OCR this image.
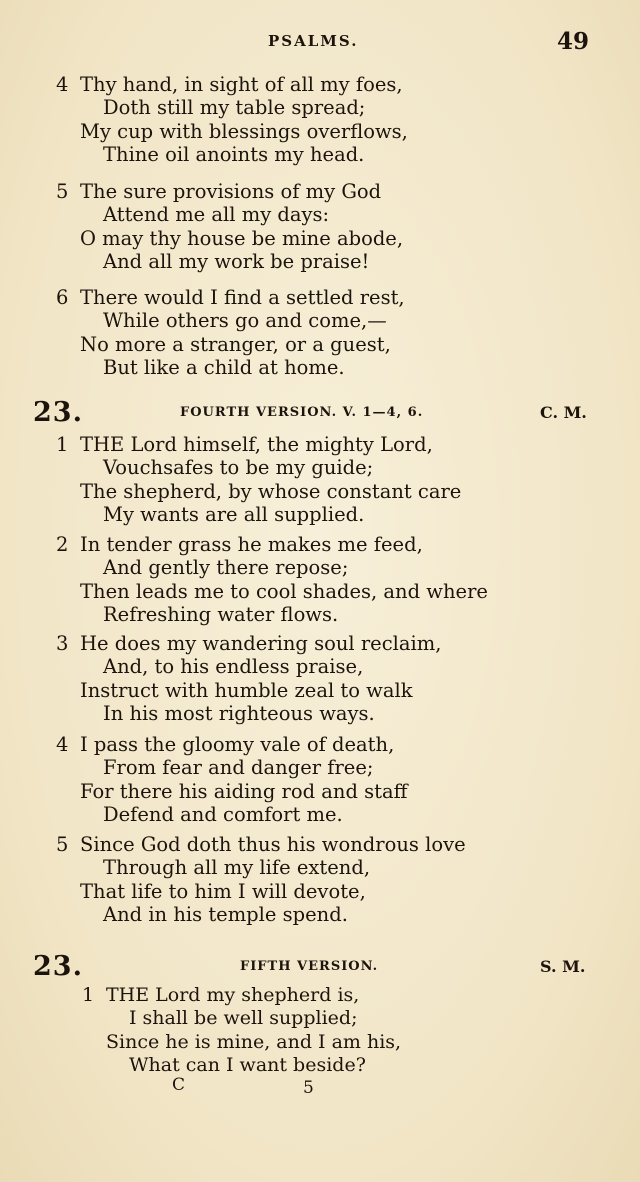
PSALMS.	49
4 Thy hand, in sight of all my foes,
Doth still my table spread;
My cup with blessings overflows,
Thine oil anoints my head.
5 The sure provisions of my God
Attend me all my days:
O may thy house be mine abode,
And all my work be praise!
6 There would I find a settled rest,
While others go and come,—
No more a stranger, or a guest,
But like a child at home.
23.	FOURTH VERSION. V. 1—4, 6.	C. M.
1 THE Lord himself, the mighty Lord,
Vouchsafes to be my guide;
The shepherd, by whose constant care
My wants are all supplied.
2 In tender grass he makes me feed,
And gently there repose;
Then leads me to cool shades, and where
Refreshing water flows.
3 He does my wandering soul reclaim,
And, to his endless praise,
Instruct with humble zeal to walk
In his most righteous ways.
4 I pass the gloomy vale of death,
From fear and danger free;
For there his aiding rod and staff
Defend and comfort me.
5 Since God doth thus his wondrous love
Through all my life extend,
That life to him I will devote,
And in his temple spend.
23.	FIFTH VERSION.	S. M.
1 THE Lord my shepherd is,
I shall be well supplied;
Since he is mine, and I am his,
What can I want beside?
C	5
